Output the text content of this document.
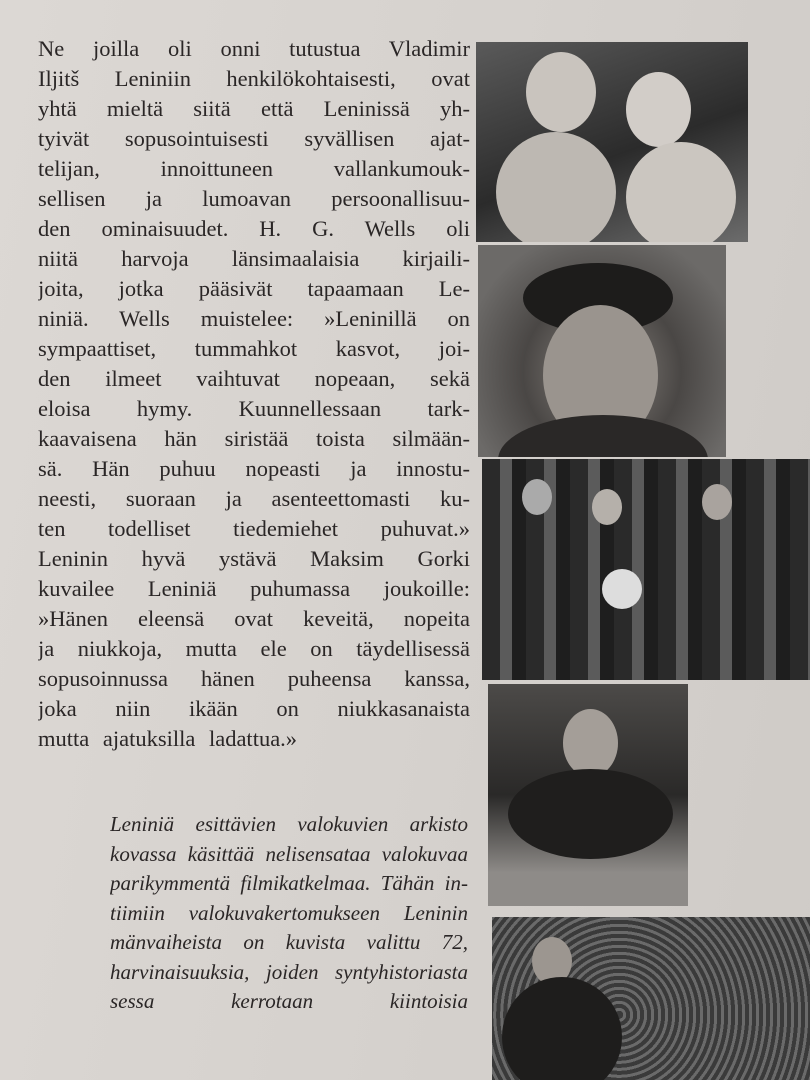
Ne joilla oli onni tutustua Vladimir
Iljitš Leniniin henkilökohtaisesti, ovat
yhtä mieltä siitä että Leninissä yh-
tyivät sopusointuisesti syvällisen ajat-
telijan, innoittuneen vallankumouk-
sellisen ja lumoavan persoonallisuu-
den ominaisuudet. H. G. Wells oli
niitä harvoja länsimaalaisia kirjaili-
joita, jotka pääsivät tapaamaan Le-
niniä. Wells muistelee: »Leninillä on
sympaattiset, tummahkot kasvot, joi-
den ilmeet vaihtuvat nopeaan, sekä
eloisa hymy. Kuunnellessaan tark-
kaavaisena hän siristää toista silmään-
sä. Hän puhuu nopeasti ja innostu-
neesti, suoraan ja asenteettomasti ku-
ten todelliset tiedemiehet puhuvat.»
Leninin hyvä ystävä Maksim Gorki
kuvailee Leniniä puhumassa joukoille:
»Hänen eleensä ovat keveitä, nopeita
ja niukkoja, mutta ele on täydellisessä
sopusoinnussa hänen puheensa kanssa,
joka niin ikään on niukkasanaista
mutta ajatuksilla ladattua.»
Leniniä esittävien valokuvien arkisto
kovassa käsittää nelisensataa valokuvaa
parikymmentä filmikatkelmaa. Tähän in-
tiimiin valokuvakertomukseen Leninin
mänvaiheista on kuvista valittu 72,
harvinaisuuksia, joiden syntyhistoriasta
sessa kerrotaan kiintoisia
